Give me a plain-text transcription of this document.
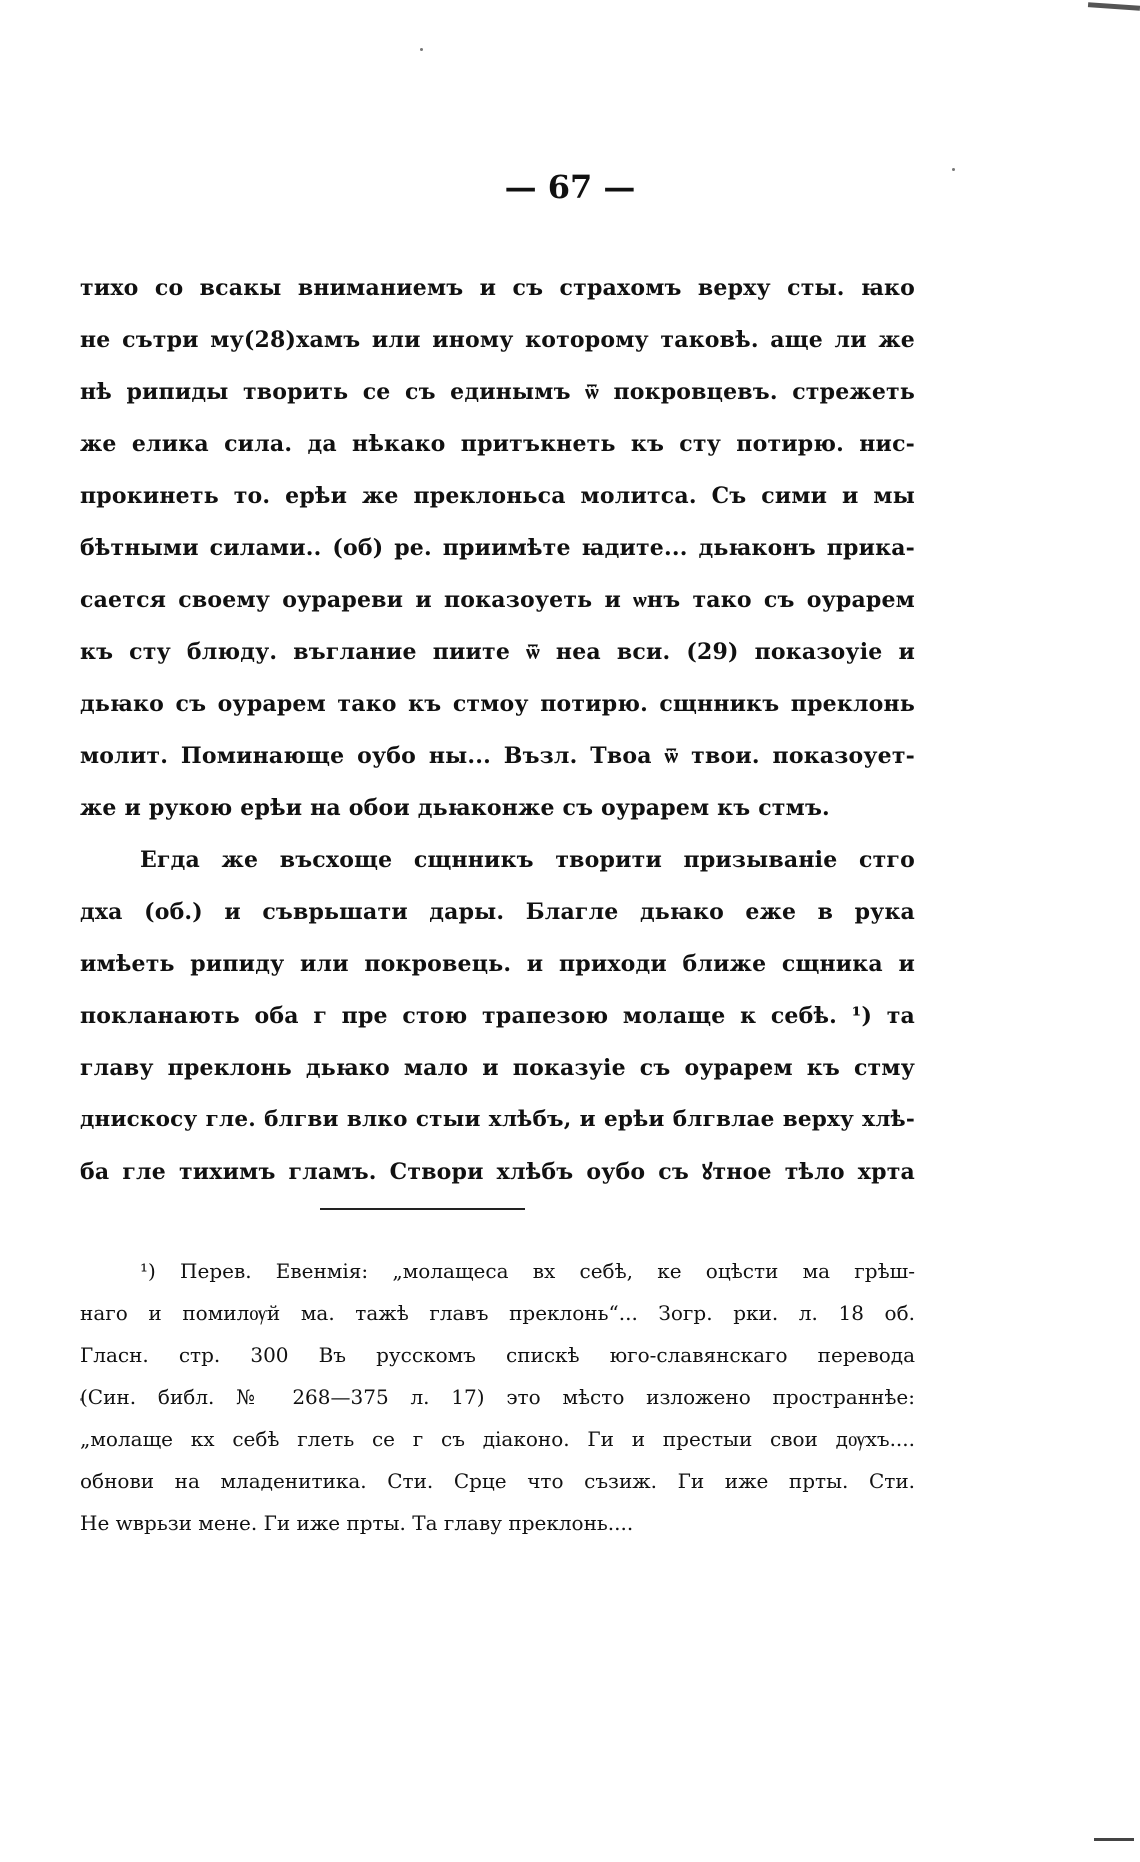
— 67 —
тихо со всакы вниманиемъ и съ страхомъ верху сты. ꙗко
не сътри му(28)хамъ или иному которому таковѣ. аще ли же
нѣ рипиды творить се съ единымъ ѿ покровцевъ. стрежеть
же елика сила. да нѣкако притъкнеть къ сту потирю. нис-
прокинеть то. ерѣи же преклоньса молитса. Съ сими и мы
бѣтными силами.. (об) ре. приимѣте ꙗдите... дьꙗконъ прика-
сается своему оурареви и показоуеть и ѡнъ тако съ оурарем
къ сту блюду. въглание пиите ѿ неа вси. (29) показоуіе и
дьꙗко съ оурарем тако къ стмоу потирю. сщнникъ преклонь
молит. Поминающе оубо ны... Възл. Твоа ѿ твои. показоует-
же и рукою ерѣи на обои дьꙗконже съ оурарем къ стмъ.
Егда же въсхоще сщнникъ творити призываніе стго
дха (об.) и съврьшати дары. Благле дьꙗко еже в рука
имѣеть рипиду или покровець. и приходи ближе сщника и
покланають оба г пре стою трапезою молаще к себѣ. ¹) та
главу преклонь дьꙗко мало и показуіе съ оурарем къ стму
днискосу гле. блгви влко стыи хлѣбъ, и ерѣи блгвлае верху хлѣ-
ба гле тихимъ гламъ. Створи хлѣбъ оубо съ ꙋтное тѣло хрта
¹) Перев. Евенмія: „молащеса вх себѣ, ке оцѣсти ма грѣш-
наго и помилѹй ма. тажѣ главъ преклонь“... Зогр. рки. л. 18 об.
Гласн. стр. 300 Въ русскомъ спискѣ юго-славянскаго перевода
(Син. библ. № 268—375 л. 17) это мѣсто изложено пространнѣе:
„молаще кх себѣ глеть се г съ діаконо. Ги и престыи свои дѹхъ....
обнови на младенитика. Сти. Срце что съзиж. Ги иже прты. Сти.
Не wврьзи мене. Ги иже прты. Та главу преклонь....
